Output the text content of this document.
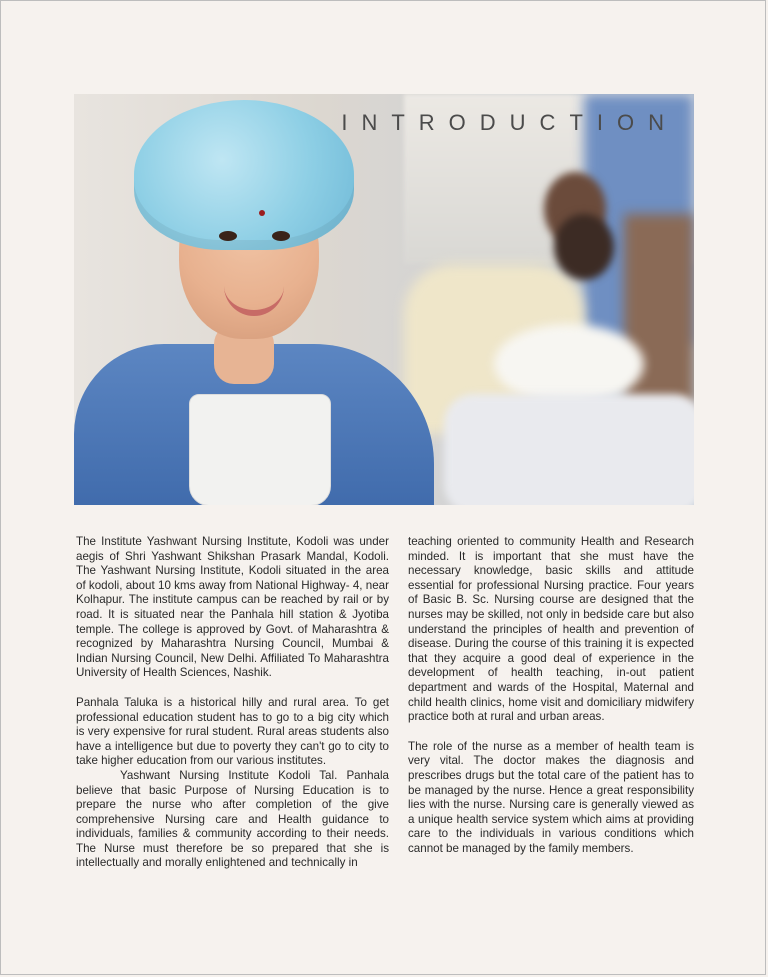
INTRODUCTION

The Institute Yashwant Nursing Institute, Kodoli was under aegis of Shri Yashwant Shikshan Prasark Mandal, Kodoli. The Yashwant Nursing Institute, Kodoli situated in the area of kodoli, about 10 kms away from National Highway- 4, near Kolhapur. The institute campus can be reached by rail or by road. It is situated near the Panhala hill station & Jyotiba temple. The college is approved by Govt. of Maharashtra & recognized by Maharashtra Nursing Council, Mumbai & Indian Nursing Council, New Delhi. Affiliated To Maharashtra University of Health Sciences, Nashik.

Panhala Taluka is a historical hilly and rural area. To get professional education student has to go to a big city which is very expensive for rural student. Rural areas students also have a intelligence but due to poverty they can't go to city to take higher education from our various institutes.

Yashwant Nursing Institute Kodoli Tal. Panhala believe that basic Purpose of Nursing Education is to prepare the nurse who after completion of the give comprehensive Nursing care and Health guidance to individuals, families & community according to their needs. The Nurse must therefore be so prepared that she is intellectually and morally enlightened and technically in

teaching oriented to community Health and Research minded. It is important that she must have the necessary knowledge, basic skills and attitude essential for professional Nursing practice. Four years of Basic B. Sc. Nursing course are designed that the nurses may be skilled, not only in bedside care but also understand the principles of health and prevention of disease. During the course of this training it is expected that they acquire a good deal of experience in the development of health teaching, in-out patient department and wards of the Hospital, Maternal and child health clinics, home visit and domiciliary midwifery practice both at rural and urban areas.

The role of the nurse as a member of health team is very vital. The doctor makes the diagnosis and prescribes drugs but the total care of the patient has to be managed by the nurse. Hence a great responsibility lies with the nurse. Nursing care is generally viewed as a unique health service system which aims at providing care to the individuals in various conditions which cannot be managed by the family members.
